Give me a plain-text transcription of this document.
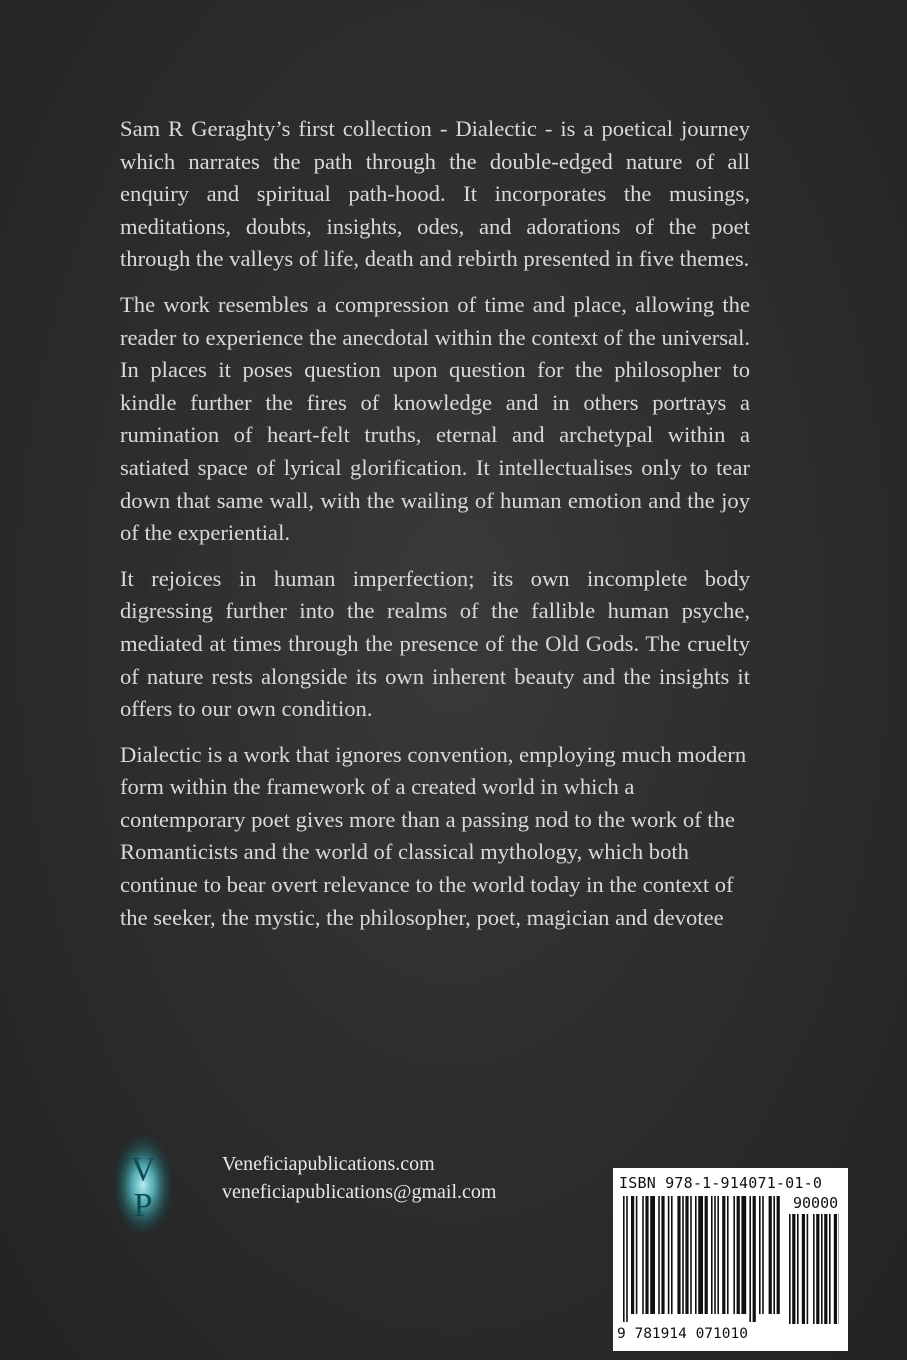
Sam R Geraghty’s first collection - Dialectic - is a poetical journey which narrates the path through the double-edged nature of all enquiry and spiritual path-hood. It incorporates the musings, meditations, doubts, insights, odes, and adorations of the poet through the valleys of life, death and rebirth presented in five themes.

The work resembles a compression of time and place, allowing the reader to experience the anecdotal within the context of the universal. In places it poses question upon question for the philosopher to kindle further the fires of knowledge and in others portrays a rumination of heart-felt truths, eternal and archetypal within a satiated space of lyrical glorification. It intellectualises only to tear down that same wall, with the wailing of human emotion and the joy of the experiential.

It rejoices in human imperfection; its own incomplete body digressing further into the realms of the fallible human psyche, mediated at times through the presence of the Old Gods. The cruelty of nature rests alongside its own inherent beauty and the insights it offers to our own condition.

Dialectic is a work that ignores convention, employing much modern form within the framework of a created world in which a contemporary poet gives more than a passing nod to the work of the Romanticists and the world of classical mythology, which both continue to bear overt relevance to the world today in the context of the seeker, the mystic, the philosopher, poet, magician and devotee

V
P
Veneficiapublications.com
veneficiapublications@gmail.com	ISBN 978-1-914071-01-0
90000
9 781914 071010
